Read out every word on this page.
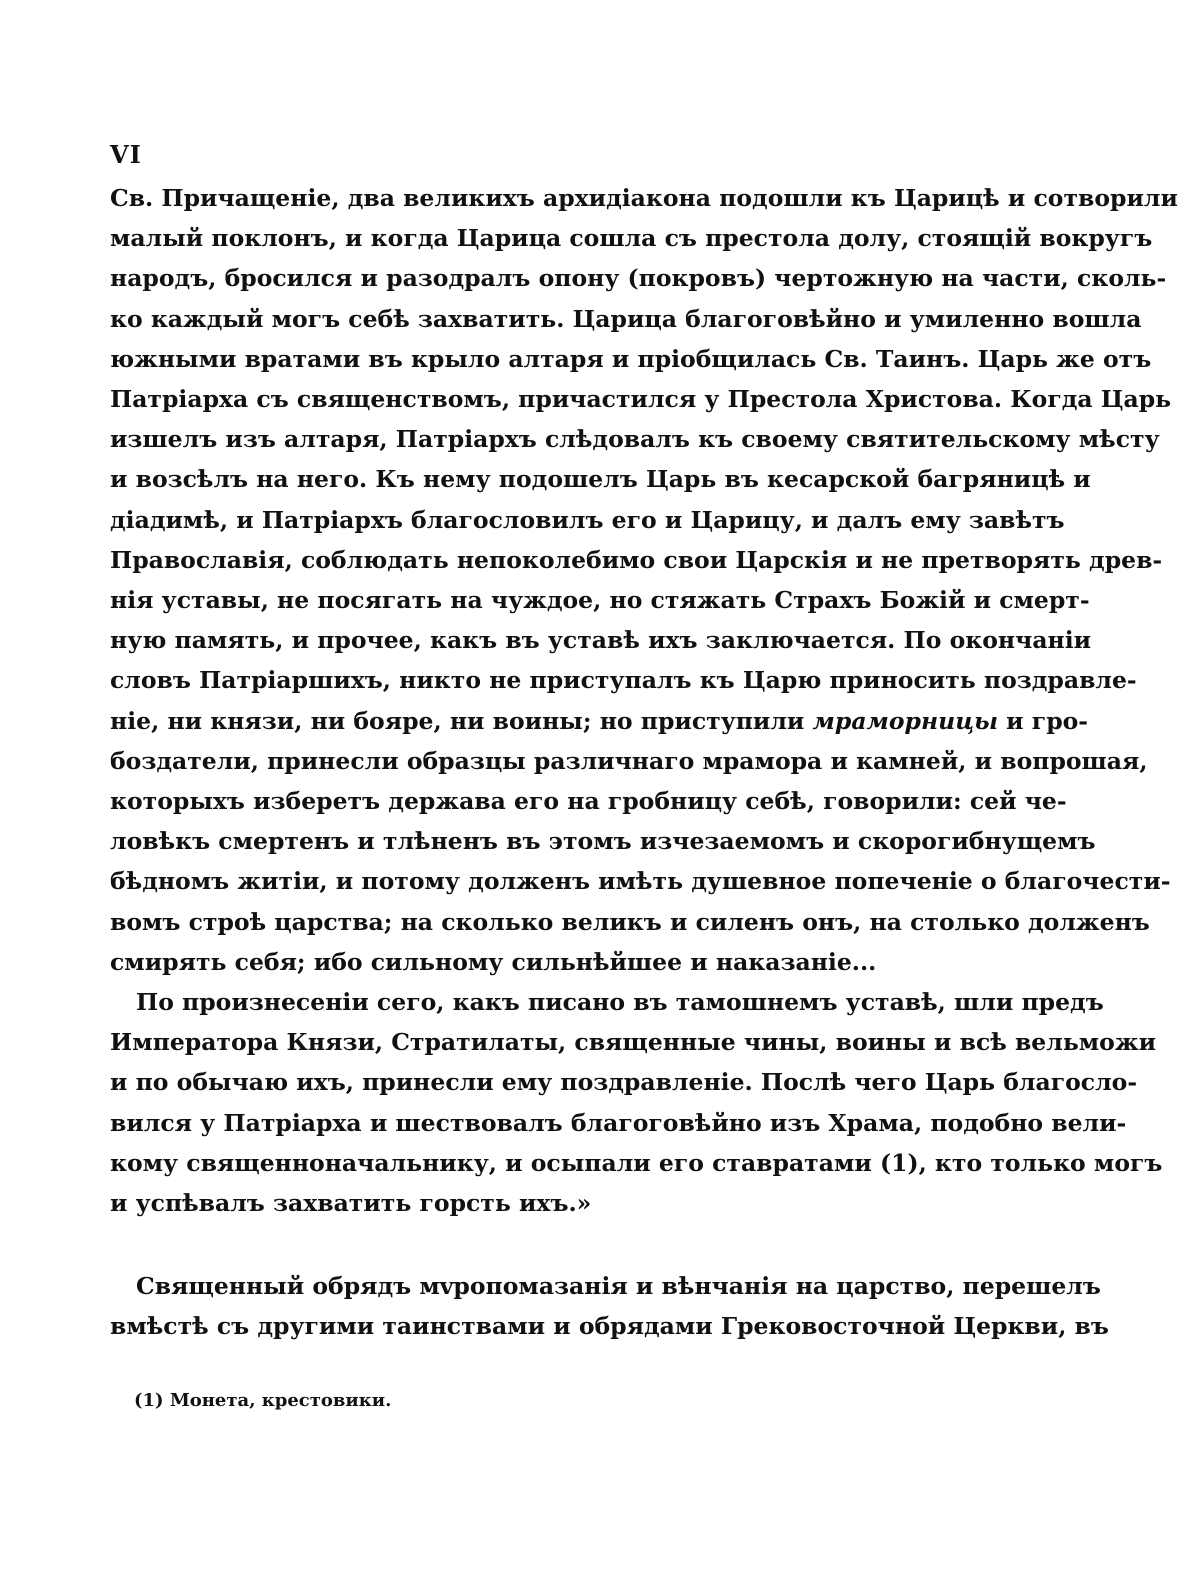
VI
Св. Причащеніе, два великихъ архидіакона подошли къ Царицѣ и сотворили
малый поклонъ, и когда Царица сошла съ престола долу, стоящій вокругъ
народъ, бросился и разодралъ опону (покровъ) чертожную на части, сколь-
ко каждый могъ себѣ захватить. Царица благоговѣйно и умиленно вошла
южными вратами въ крыло алтаря и пріобщилась Св. Таинъ. Царь же отъ
Патріарха съ священствомъ, причастился у Престола Христова. Когда Царь
изшелъ изъ алтаря, Патріархъ слѣдовалъ къ своему святительскому мѣсту
и возсѣлъ на него. Къ нему подошелъ Царь въ кесарской багряницѣ и
діадимѣ, и Патріархъ благословилъ его и Царицу, и далъ ему завѣтъ
Православія, соблюдать непоколебимо свои Царскія и не претворять древ-
нія уставы, не посягать на чуждое, но стяжать Страхъ Божій и смерт-
ную память, и прочее, какъ въ уставѣ ихъ заключается. По окончаніи
словъ Патріаршихъ, никто не приступалъ къ Царю приносить поздравле-
ніе, ни князи, ни бояре, ни воины; но приступили мраморницы и гро-
боздатели, принесли образцы различнаго мрамора и камней, и вопрошая,
которыхъ изберетъ держава его на гробницу себѣ, говорили: сей че-
ловѣкъ смертенъ и тлѣненъ въ этомъ изчезаемомъ и скорогибнущемъ
бѣдномъ житіи, и потому долженъ имѣть душевное попеченіе о благочести-
вомъ строѣ царства; на сколько великъ и силенъ онъ, на столько долженъ
смирять себя; ибо сильному сильнѣйшее и наказаніе...
По произнесеніи сего, какъ писано въ тамошнемъ уставѣ, шли предъ
Императора Князи, Стратилаты, священные чины, воины и всѣ вельможи
и по обычаю ихъ, принесли ему поздравленіе. Послѣ чего Царь благосло-
вился у Патріарха и шествовалъ благоговѣйно изъ Храма, подобно вели-
кому священноначальнику, и осыпали его ставратами (1), кто только могъ
и успѣвалъ захватить горсть ихъ.»
Священный обрядъ мvропомазанія и вѣнчанія на царство, перешелъ
вмѣстѣ съ другими таинствами и обрядами Грековосточной Церкви, въ
(1) Монета, крестовики.
